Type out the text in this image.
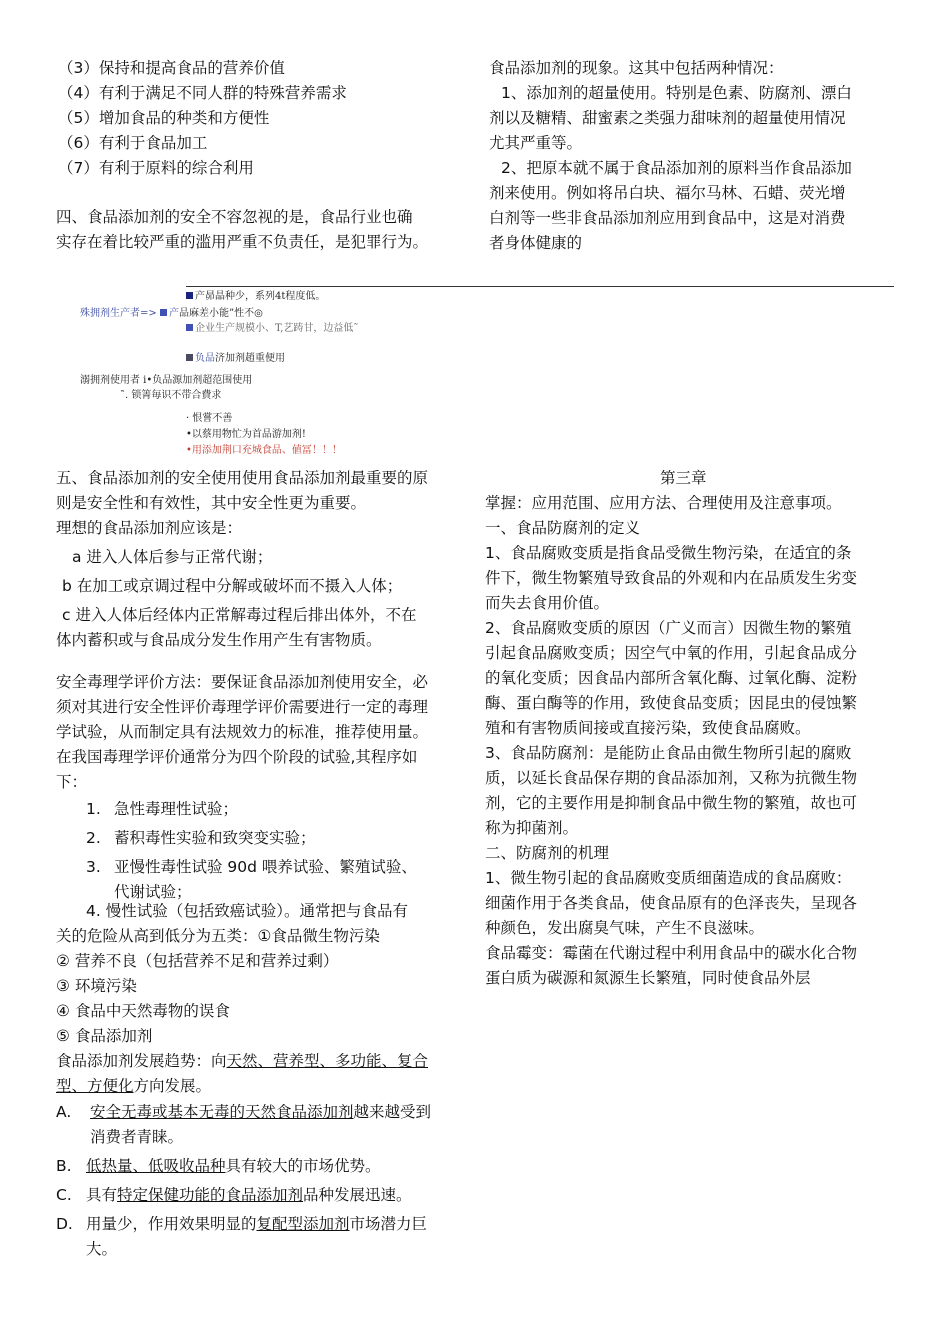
（3）保持和提高食品的营养价值
（4）有利于满足不同人群的特殊营养需求
（5）增加食品的种类和方便性
（6）有利于食品加工
（7）有利于原料的综合利用
四、食品添加剂的安全不容忽视的是，食品行业也确
实存在着比较严重的滥用严重不负责任，是犯罪行为。
食品添加剂的现象。这其中包括两种情况：
1、添加剂的超量使用。特别是色素、防腐剂、漂白
剂以及糖精、甜蜜素之类强力甜味剂的超量使用情况
尤其严重等。
2、把原本就不属于食品添加剂的原料当作食品添加
剂来使用。例如将吊白块、福尔马林、石蜡、荧光增
白剂等一些非食品添加剂应用到食品中，这是对消费
者身体健康的
产昴晶种少，系列4t程度低。
殊拥剂生产者=>	产品麻差小能”性不◎
企业生产规模小、T,艺踌甘，边益低˜
负品济加剂趙重便用
溺拥剂使用者 i•负品源加剂超范围使用
˜. 锁箐毎识不带合費求
· 恨嘗不善
•以蔡用物忙为首品游加剂!
•用添加荆口充城食品、値冨！！！
五、食品添加剂的安全使用使用食品添加剂最重要的原
则是安全性和有效性，其中安全性更为重要。
理想的食品添加剂应该是：
a 进入人体后参与正常代谢；
b 在加工或京调过程中分解或破坏而不摄入人体；
c 进入人体后经体内正常解毒过程后排出体外，不在
体内蓄积或与食品成分发生作用产生有害物质。
安全毒理学评价方法：要保证食品添加剂使用安全，必
须对其进行安全性评价毒理学评价需要进行一定的毒理
学试验，从而制定具有法规效力的标准，推荐使用量。
在我国毒理学评价通常分为四个阶段的试验,其程序如
下：
1. 急性毒理性试验；
2. 蓄积毒性实验和致突变实验；
3. 亚慢性毒性试验 90d 喂养试验、繁殖试验、
代谢试验；
4. 慢性试验（包括致癌试验）。通常把与食品有
关的危险从高到低分为五类：①食品微生物污染
② 营养不良（包括营养不足和营养过剩）
③ 环境污染
④ 食品中天然毒物的误食
⑤ 食品添加剂
食品添加剂发展趋势：向天然、营养型、多功能、复合
型、方便化方向发展。
A. 安全无毒或基本无毒的天然食品添加剂越来越受到
消费者青睐。
B. 低热量、低吸收品种具有较大的市场优势。
C. 具有特定保健功能的食品添加剂品种发展迅速。
D. 用量少，作用效果明显的复配型添加剂市场潜力巨
大。
第三章
掌握：应用范围、应用方法、合理使用及注意事项。
一、食品防腐剂的定义
1、食品腐败变质是指食品受微生物污染，在适宜的条
件下，微生物繁殖导致食品的外观和内在品质发生劣变
而失去食用价值。
2、食品腐败变质的原因（广义而言）因微生物的繁殖
引起食品腐败变质；因空气中氧的作用，引起食品成分
的氧化变质；因食品内部所含氧化酶、过氧化酶、淀粉
酶、蛋白酶等的作用，致使食品变质；因昆虫的侵蚀繁
殖和有害物质间接或直接污染，致使食品腐败。
3、食品防腐剂：是能防止食品由微生物所引起的腐败
质，以延长食品保存期的食品添加剂，又称为抗微生物
剂，它的主要作用是抑制食品中微生物的繁殖，故也可
称为抑菌剂。
二、防腐剂的机理
1、微生物引起的食品腐败变质细菌造成的食品腐败：
细菌作用于各类食品，使食品原有的色泽丧失，呈现各
种颜色，发出腐臭气味，产生不良滋味。
食品霉变：霉菌在代谢过程中利用食品中的碳水化合物
蛋白质为碳源和氮源生长繁殖，同时使食品外层
